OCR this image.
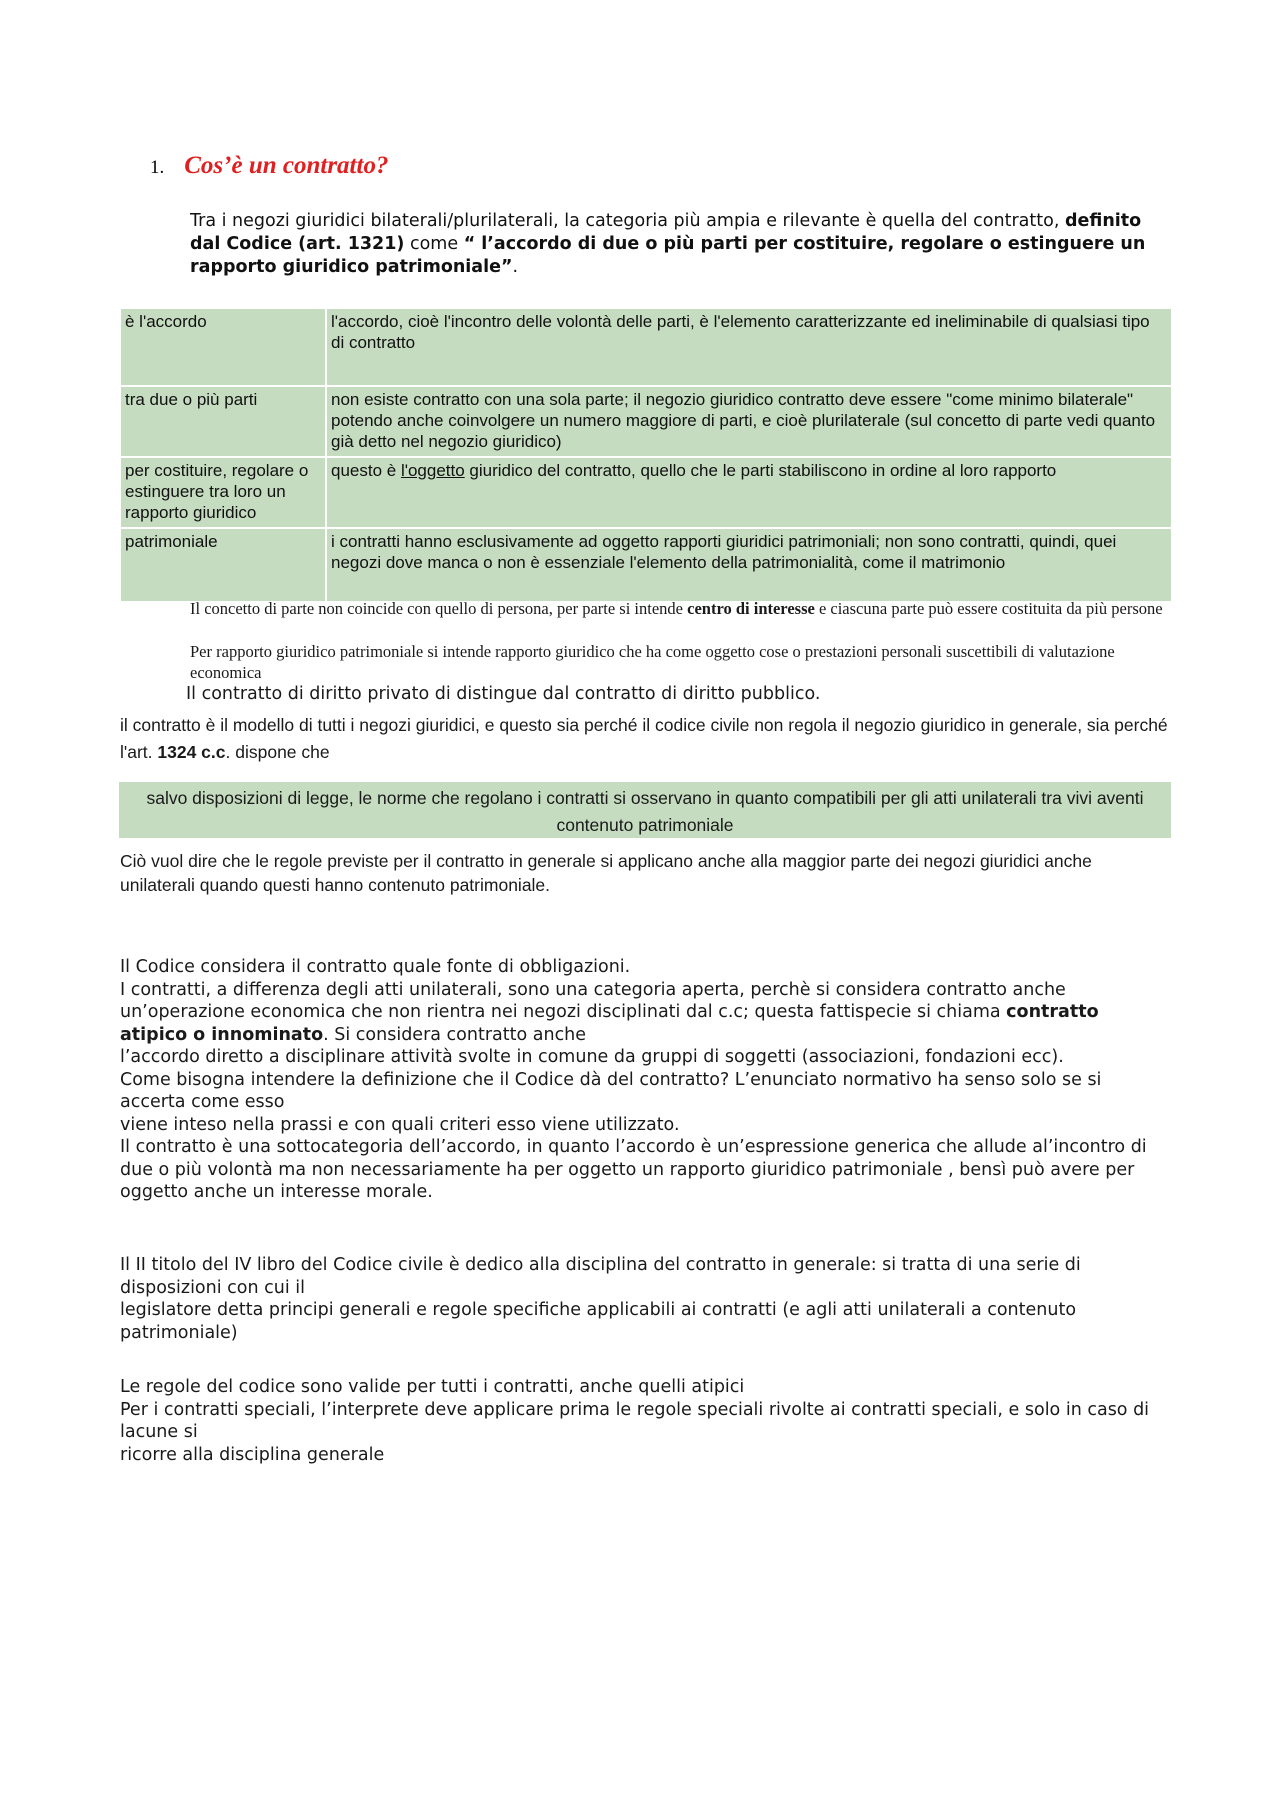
1. Cos’è un contratto?
Tra i negozi giuridici bilaterali/plurilaterali, la categoria più ampia e rilevante è quella del contratto, definito dal Codice (art. 1321) come “ l’accordo di due o più parti per costituire, regolare o estinguere un rapporto giuridico patrimoniale”.
è l'accordo	l'accordo, cioè l'incontro delle volontà delle parti, è l'elemento caratterizzante ed ineliminabile di qualsiasi tipo di contratto
tra due o più parti	non esiste contratto con una sola parte; il negozio giuridico contratto deve essere "come minimo bilaterale" potendo anche coinvolgere un numero maggiore di parti, e cioè plurilaterale (sul concetto di parte vedi quanto già detto nel negozio giuridico)
per costituire, regolare o estinguere tra loro un rapporto giuridico	questo è l'oggetto giuridico del contratto, quello che le parti stabiliscono in ordine al loro rapporto
patrimoniale	i contratti hanno esclusivamente ad oggetto rapporti giuridici patrimoniali; non sono contratti, quindi, quei negozi dove manca o non è essenziale l'elemento della patrimonialità, come il matrimonio
Il concetto di parte non coincide con quello di persona, per parte si intende centro di interesse e ciascuna parte può essere costituita da più persone
Per rapporto giuridico patrimoniale si intende rapporto giuridico che ha come oggetto cose o prestazioni personali suscettibili di valutazione economica
Il contratto di diritto privato di distingue dal contratto di diritto pubblico.
il contratto è il modello di tutti i negozi giuridici, e questo sia perché il codice civile non regola il negozio giuridico in generale, sia perché l'art. 1324 c.c. dispone che
salvo disposizioni di legge, le norme che regolano i contratti si osservano in quanto compatibili per gli atti unilaterali tra vivi aventi contenuto patrimoniale
Ciò vuol dire che le regole previste per il contratto in generale si applicano anche alla maggior parte dei negozi giuridici anche unilaterali quando questi hanno contenuto patrimoniale.
Il Codice considera il contratto quale fonte di obbligazioni.
I contratti, a differenza degli atti unilaterali, sono una categoria aperta, perchè si considera contratto anche un’operazione economica che non rientra nei negozi disciplinati dal c.c; questa fattispecie si chiama contratto atipico o innominato. Si considera contratto anche
l’accordo diretto a disciplinare attività svolte in comune da gruppi di soggetti (associazioni, fondazioni ecc).
Come bisogna intendere la definizione che il Codice dà del contratto? L’enunciato normativo ha senso solo se si accerta come esso
viene inteso nella prassi e con quali criteri esso viene utilizzato.
Il contratto è una sottocategoria dell’accordo, in quanto l’accordo è un’espressione generica che allude al’incontro di due o più volontà ma non necessariamente ha per oggetto un rapporto giuridico patrimoniale , bensì può avere per oggetto anche un interesse morale.
Il II titolo del IV libro del Codice civile è dedico alla disciplina del contratto in generale: si tratta di una serie di disposizioni con cui il
legislatore detta principi generali e regole specifiche applicabili ai contratti (e agli atti unilaterali a contenuto patrimoniale)
Le regole del codice sono valide per tutti i contratti, anche quelli atipici
Per i contratti speciali, l’interprete deve applicare prima le regole speciali rivolte ai contratti speciali, e solo in caso di lacune si
ricorre alla disciplina generale
